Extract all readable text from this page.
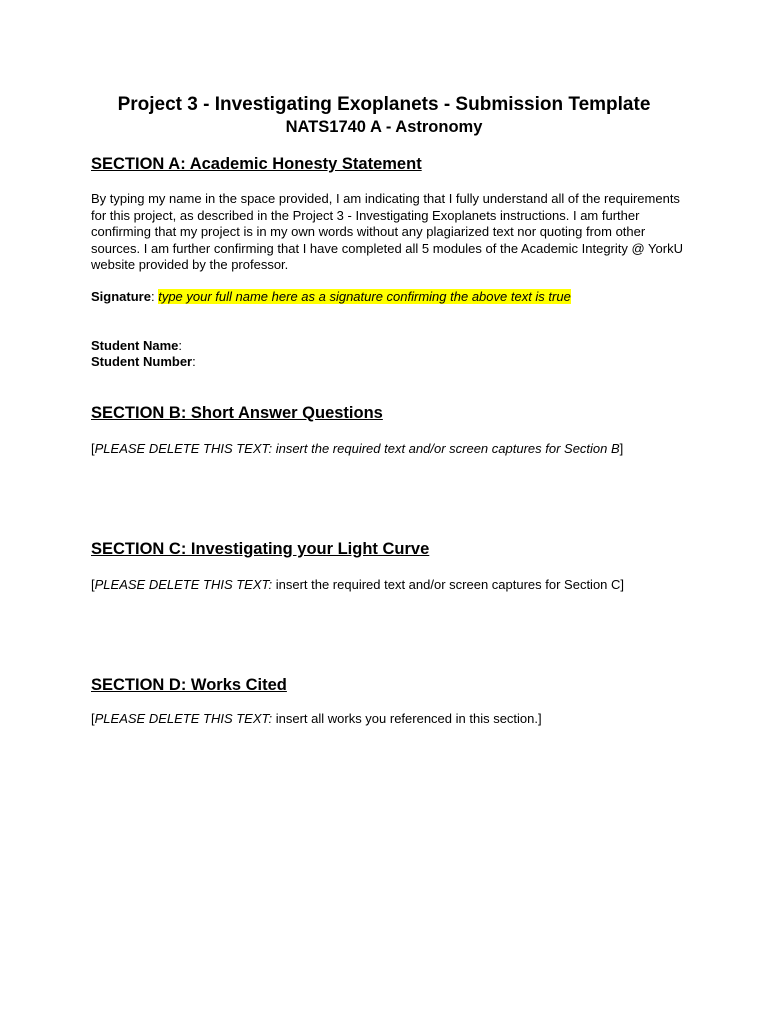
Project 3 - Investigating Exoplanets - Submission Template
NATS1740 A - Astronomy
SECTION A: Academic Honesty Statement
By typing my name in the space provided, I am indicating that I fully understand all of the requirements for this project, as described in the Project 3 - Investigating Exoplanets instructions. I am further confirming that my project is in my own words without any plagiarized text nor quoting from other sources. I am further confirming that I have completed all 5 modules of the Academic Integrity @ YorkU website provided by the professor.
Signature: type your full name here as a signature confirming the above text is true
Student Name:
Student Number:
SECTION B: Short Answer Questions
[PLEASE DELETE THIS TEXT: insert the required text and/or screen captures for Section B]
SECTION C: Investigating your Light Curve
[PLEASE DELETE THIS TEXT: insert the required text and/or screen captures for Section C]
SECTION D: Works Cited
[PLEASE DELETE THIS TEXT: insert all works you referenced in this section.]
